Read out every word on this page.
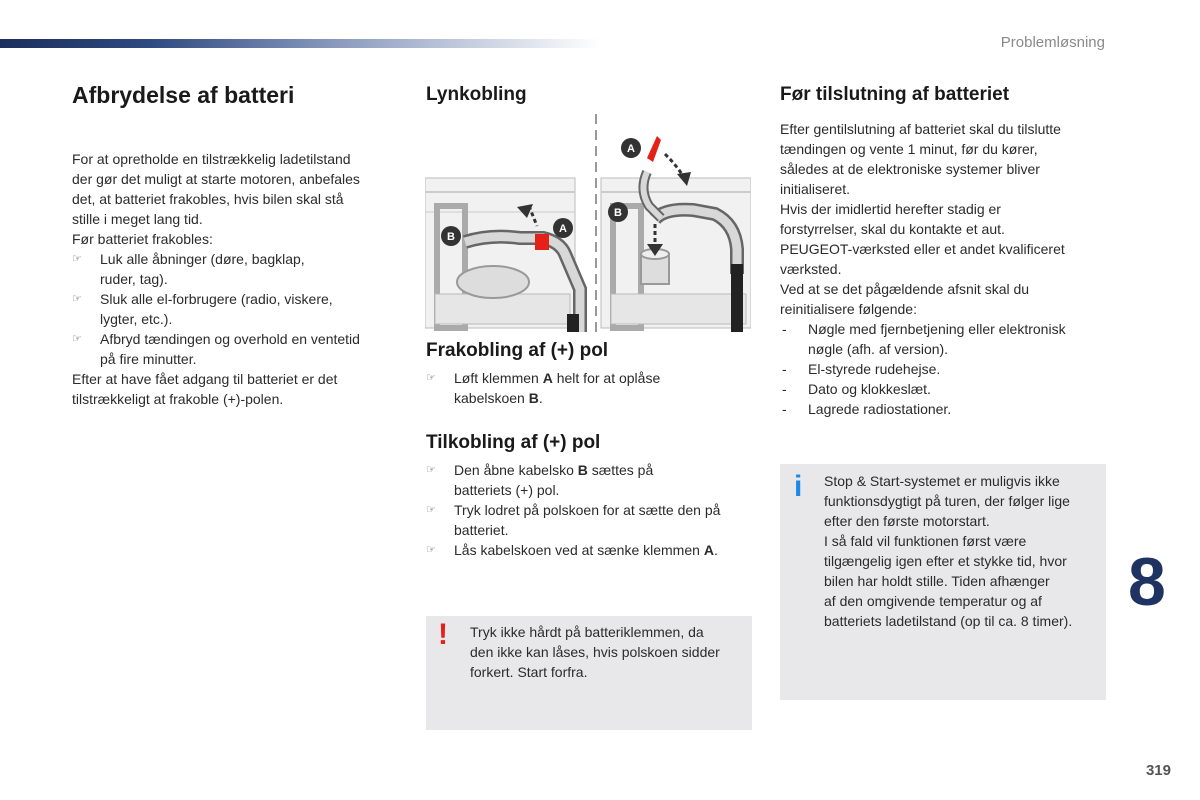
Problemløsning
Afbrydelse af batteri

For at opretholde en tilstrækkelig ladetilstand

der gør det muligt at starte motoren, anbefales

det, at batteriet frakobles, hvis bilen skal stå

stille i meget lang tid.

Før batteriet frakobles:

☞ Luk alle åbninger (døre, bagklap,
ruder, tag).
☞ Sluk alle el-forbrugere (radio, viskere,
lygter, etc.).
☞ Afbryd tændingen og overhold en ventetid
på fire minutter.

Efter at have fået adgang til batteriet er det

tilstrækkeligt at frakoble (+)-polen.

Lynkobling
A
B
A
B
Frakobling af (+) pol
☞ Løft klemmen A helt for at oplåse
kabelskoen B.
Tilkobling af (+) pol
☞ Den åbne kabelsko B sættes på
batteriets (+) pol.
☞ Tryk lodret på polskoen for at sætte den på
batteriet.
☞ Lås kabelskoen ved at sænke klemmen A.
! Tryk ikke hårdt på batteriklemmen, da
den ikke kan låses, hvis polskoen sidder
forkert. Start forfra.
Før tilslutning af batteriet

Efter gentilslutning af batteriet skal du tilslutte

tændingen og vente 1 minut, før du kører,

således at de elektroniske systemer bliver

initialiseret.

Hvis der imidlertid herefter stadig er

forstyrrelser, skal du kontakte et aut.

PEUGEOT-værksted eller et andet kvalificeret

værksted.

Ved at se det pågældende afsnit skal du

reinitialisere følgende:

- Nøgle med fjernbetjening eller elektronisk
nøgle (afh. af version).
- El-styrede rudehejse.
- Dato og klokkeslæt.
- Lagrede radiostationer.
i Stop & Start-systemet er muligvis ikke
funktionsdygtigt på turen, der følger lige
efter den første motorstart.
I så fald vil funktionen først være
tilgængelig igen efter et stykke tid, hvor
bilen har holdt stille. Tiden afhænger
af den omgivende temperatur og af
batteriets ladetilstand (op til ca. 8 timer).
8
319
